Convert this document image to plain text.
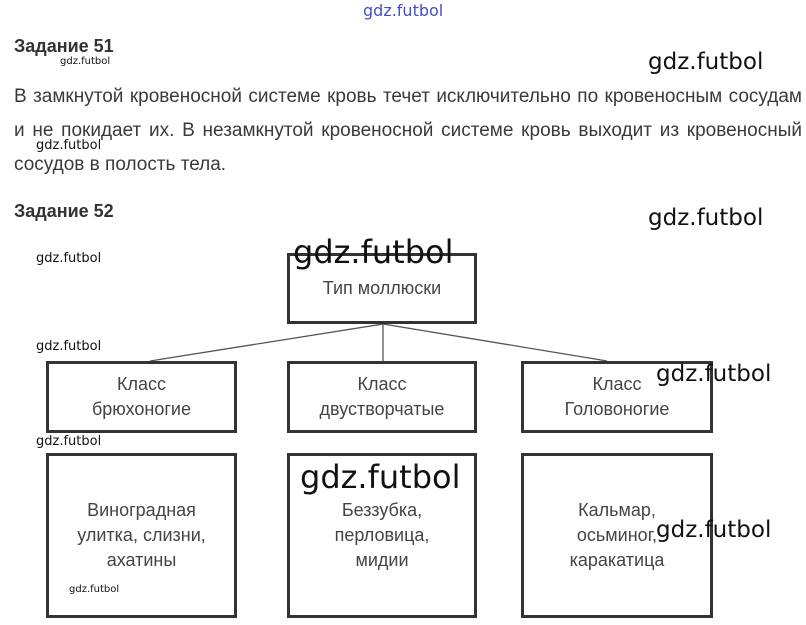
gdz.futbol
Задание 51
В замкнутой кровеносной системе кровь течет исключительно по кровеносным сосудам и не покидает их. В незамкнутой кровеносной системе кровь выходит из кровеносный сосудов в полость тела.
Задание 52
Тип моллюски
Класс
брюхоногие
Класс
двустворчатые
Класс
Головоногие
Виноградная
улитка, слизни,
ахатины
Беззубка,
перловица,
мидии
Кальмар,
осьминог,
каракатица
gdz.futbol	gdz.futbol
gdz.futbol
gdz.futbol
gdz.futbol	gdz.futbol
gdz.futbol
gdz.futbol
gdz.futbol
gdz.futbol
gdz.futbol
gdz.futbol
